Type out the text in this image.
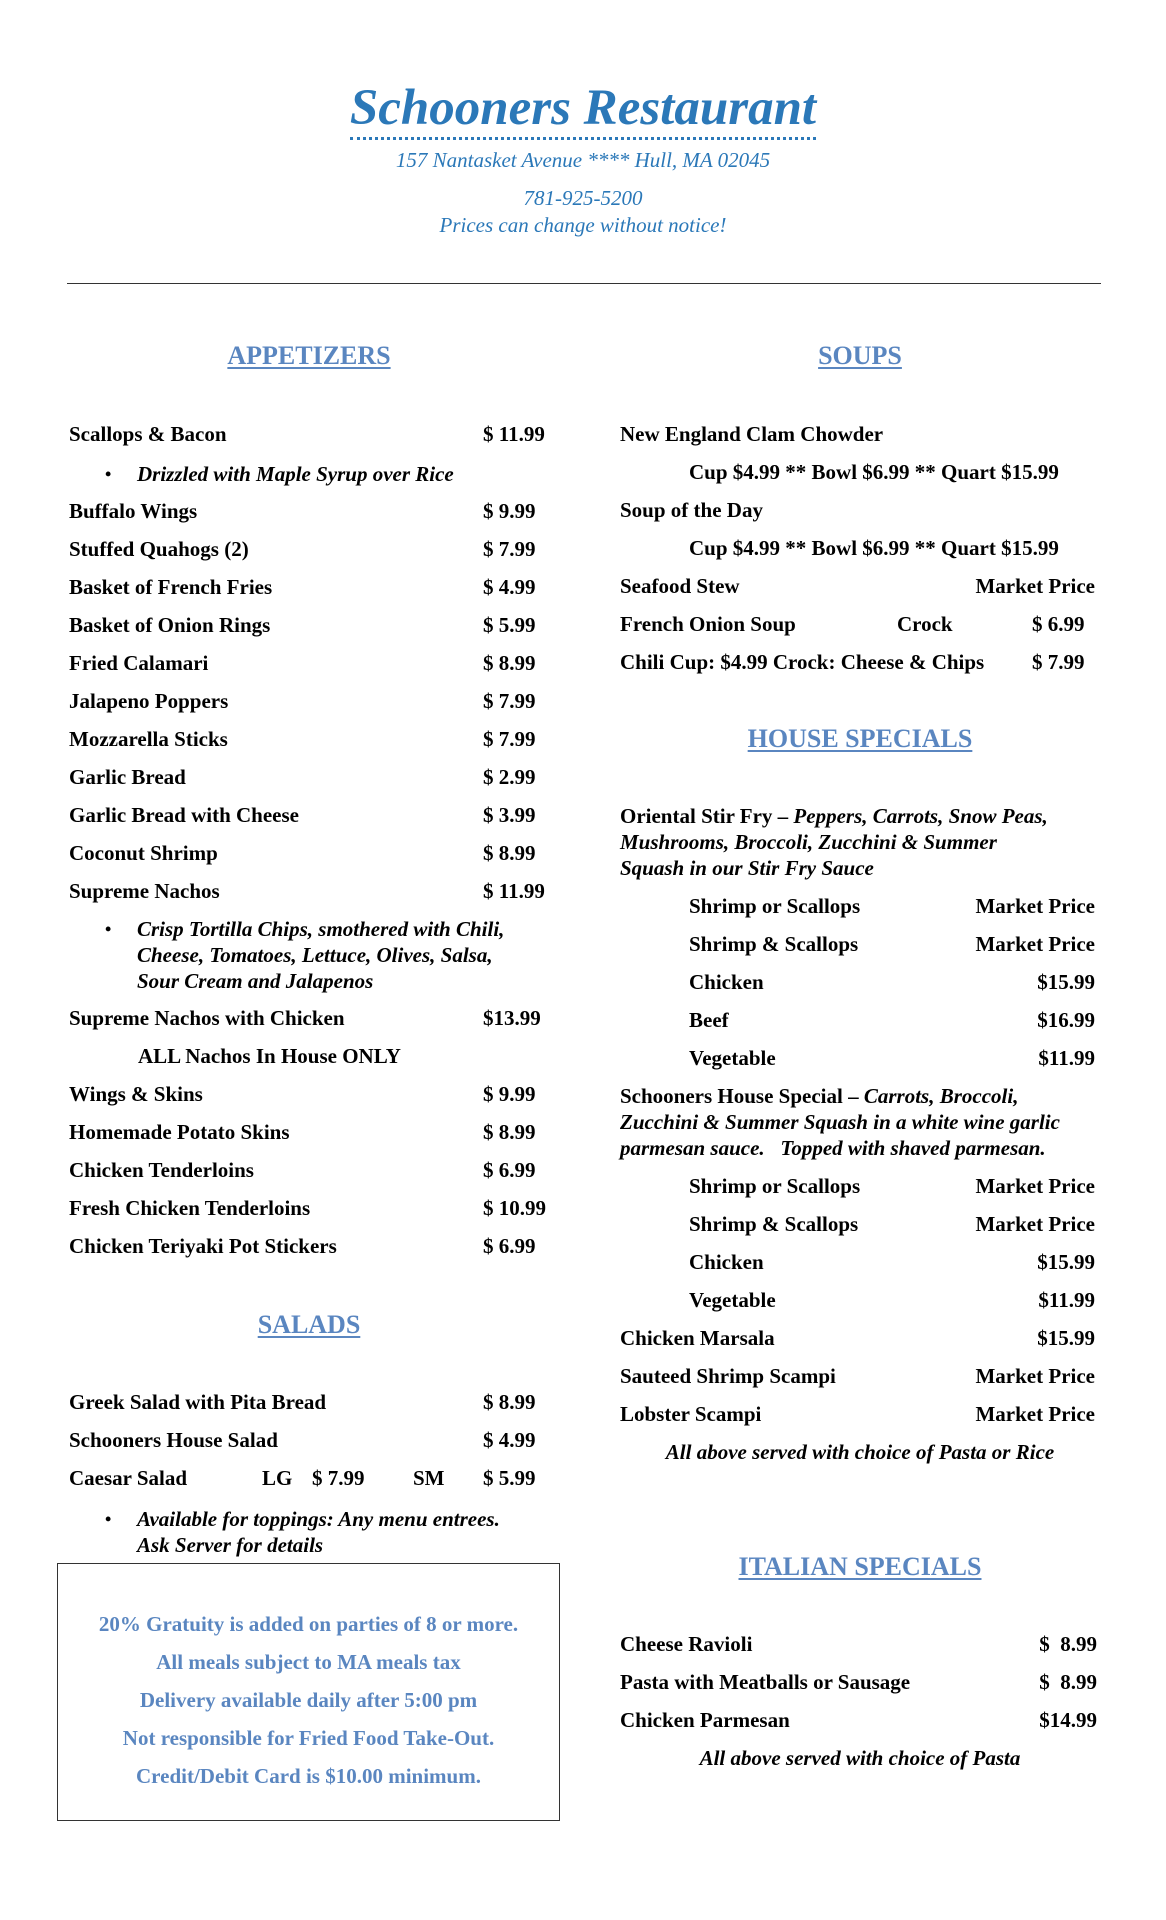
Schooners Restaurant
157 Nantasket Avenue **** Hull, MA 02045
781-925-5200
Prices can change without notice!
APPETIZERS
Scallops & Bacon	$ 11.99
• Drizzled with Maple Syrup over Rice
Buffalo Wings	$ 9.99
Stuffed Quahogs (2)	$ 7.99
Basket of French Fries	$ 4.99
Basket of Onion Rings	$ 5.99
Fried Calamari	$ 8.99
Jalapeno Poppers	$ 7.99
Mozzarella Sticks	$ 7.99
Garlic Bread	$ 2.99
Garlic Bread with Cheese	$ 3.99
Coconut Shrimp	$ 8.99
Supreme Nachos	$ 11.99
• Crisp Tortilla Chips, smothered with Chili,
Cheese, Tomatoes, Lettuce, Olives, Salsa,
Sour Cream and Jalapenos
Supreme Nachos with Chicken	$13.99
ALL Nachos In House ONLY
Wings & Skins	$ 9.99
Homemade Potato Skins	$ 8.99
Chicken Tenderloins	$ 6.99
Fresh Chicken Tenderloins	$ 10.99
Chicken Teriyaki Pot Stickers	$ 6.99
SALADS
Greek Salad with Pita Bread	$ 8.99
Schooners House Salad	$ 4.99
Caesar Salad	LG $ 7.99 SM $ 5.99
• Available for toppings: Any menu entrees.
Ask Server for details
20% Gratuity is added on parties of 8 or more.
All meals subject to MA meals tax
Delivery available daily after 5:00 pm
Not responsible for Fried Food Take-Out.
Credit/Debit Card is $10.00 minimum.
SOUPS
New England Clam Chowder
Cup $4.99 ** Bowl $6.99 ** Quart $15.99
Soup of the Day
Cup $4.99 ** Bowl $6.99 ** Quart $15.99
Seafood Stew	Market Price
French Onion Soup	Crock	$ 6.99
Chili Cup: $4.99 Crock: Cheese & Chips $ 7.99
HOUSE SPECIALS
Oriental Stir Fry – Peppers, Carrots, Snow Peas,
Mushrooms, Broccoli, Zucchini & Summer
Squash in our Stir Fry Sauce
Shrimp or Scallops	Market Price
Shrimp & Scallops	Market Price
Chicken	$15.99
Beef	$16.99
Vegetable	$11.99
Schooners House Special – Carrots, Broccoli,
Zucchini & Summer Squash in a white wine garlic
parmesan sauce.   Topped with shaved parmesan.
Shrimp or Scallops	Market Price
Shrimp & Scallops	Market Price
Chicken	$15.99
Vegetable	$11.99
Chicken Marsala	$15.99
Sauteed Shrimp Scampi	Market Price
Lobster Scampi	Market Price
All above served with choice of Pasta or Rice
ITALIAN SPECIALS
Cheese Ravioli	$  8.99
Pasta with Meatballs or Sausage	$  8.99
Chicken Parmesan	$14.99
All above served with choice of Pasta
